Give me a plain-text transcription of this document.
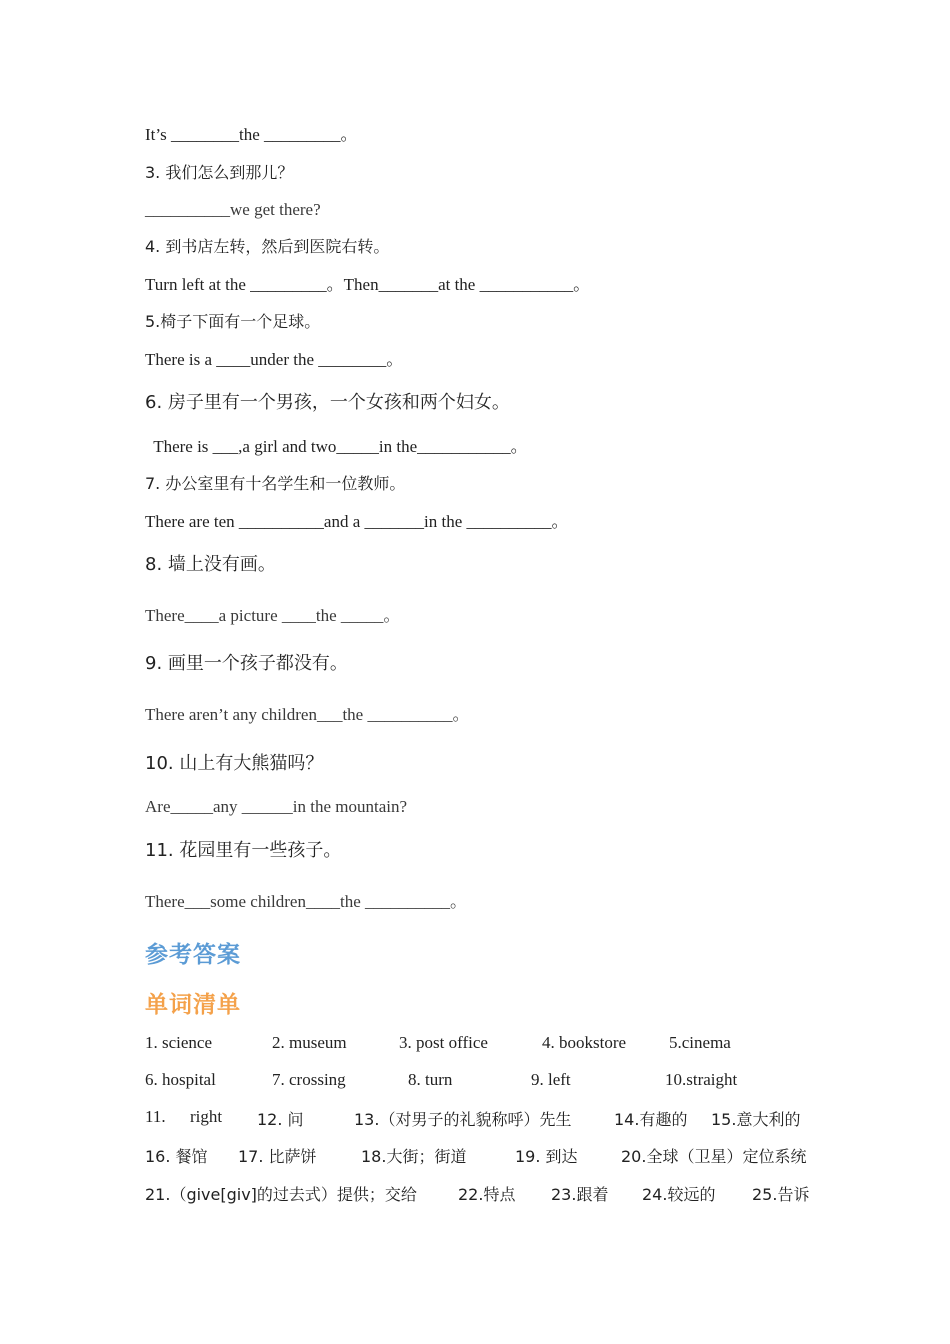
It’s ________the _________。
3. 我们怎么到那儿？
__________we get there?
4. 到书店左转，然后到医院右转。
Turn left at the _________。Then_______at the ___________。
5.椅子下面有一个足球。
There is a ____under the ________。
6. 房子里有一个男孩，一个女孩和两个妇女。
There is ___,a girl and two_____in the___________。
7. 办公室里有十名学生和一位教师。
There are ten __________and a _______in the __________。
8. 墙上没有画。
There____a picture ____the _____。
9. 画里一个孩子都没有。
There aren’t any children___the __________。
10. 山上有大熊猫吗？
Are_____any ______in the mountain?
11. 花园里有一些孩子。
There___some children____the __________。
参考答案
单词清单
1. science	2. museum	3. post office	4. bookstore	5.cinema
6. hospital	7. crossing	8. turn	9. left	10.straight
11. right 12. 问	13.（对男子的礼貌称呼）先生	14.有趣的 15.意大利的
16. 餐馆 17. 比萨饼	18.大街；街道	19. 到达	20.全球（卫星）定位系统
21.（give[giv]的过去式）提供；交给	22.特点 23.跟着 24.较远的 25.告诉
